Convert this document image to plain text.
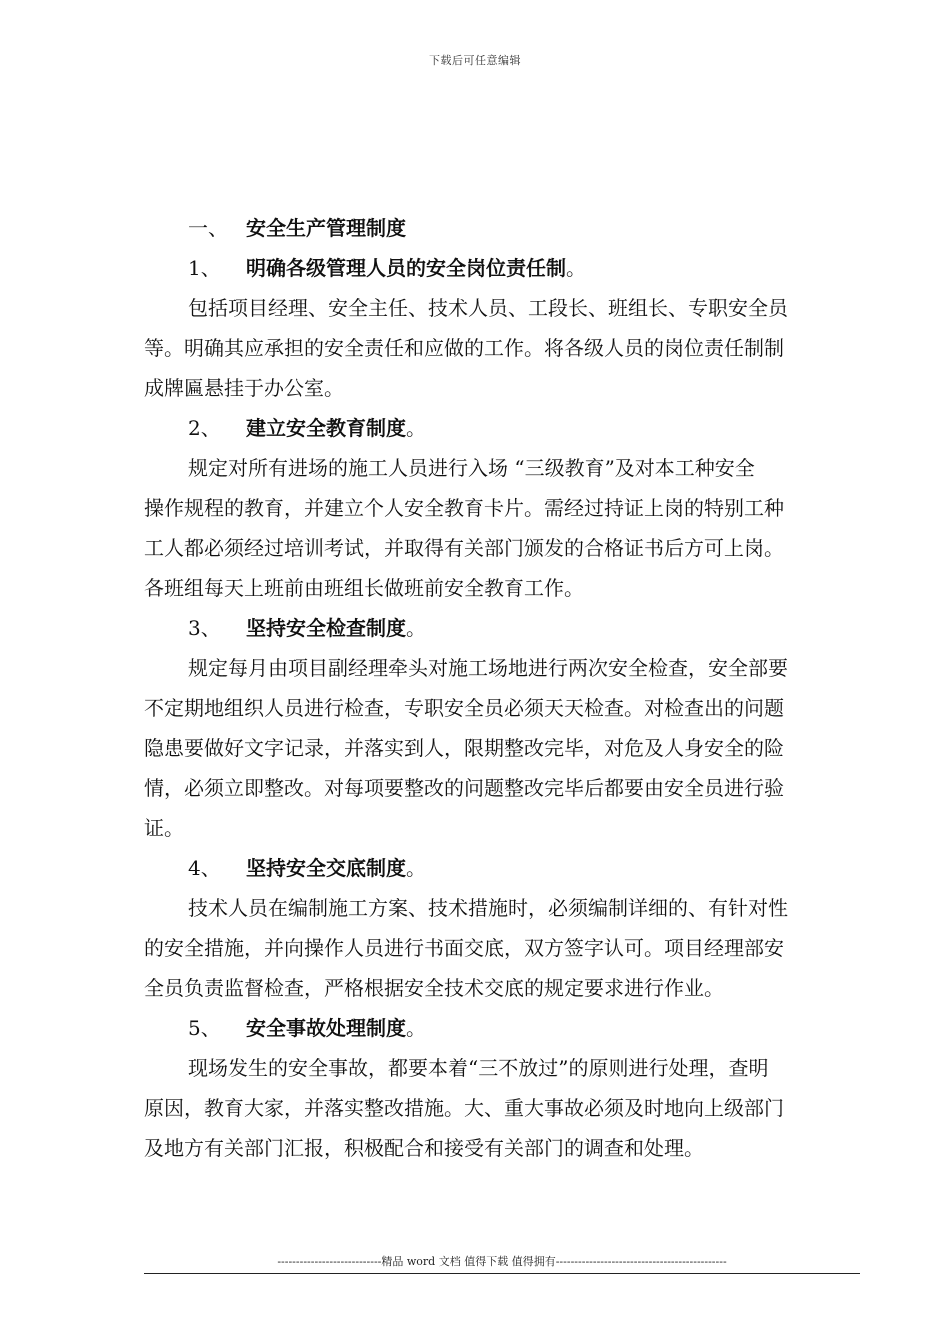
下载后可任意编辑
一、 安全生产管理制度
1、 明确各级管理人员的安全岗位责任制。
包括项目经理、安全主任、技术人员、工段长、班组长、专职安全员
等。明确其应承担的安全责任和应做的工作。将各级人员的岗位责任制制
成牌匾悬挂于办公室。
2、 建立安全教育制度。
规定对所有进场的施工人员进行入场 “三级教育”及对本工种安全
操作规程的教育，并建立个人安全教育卡片。需经过持证上岗的特别工种
工人都必须经过培训考试，并取得有关部门颁发的合格证书后方可上岗。
各班组每天上班前由班组长做班前安全教育工作。
3、 坚持安全检查制度。
规定每月由项目副经理牵头对施工场地进行两次安全检查，安全部要
不定期地组织人员进行检查，专职安全员必须天天检查。对检查出的问题
隐患要做好文字记录，并落实到人，限期整改完毕，对危及人身安全的险
情，必须立即整改。对每项要整改的问题整改完毕后都要由安全员进行验
证。
4、 坚持安全交底制度。
技术人员在编制施工方案、技术措施时，必须编制详细的、有针对性
的安全措施，并向操作人员进行书面交底，双方签字认可。项目经理部安
全员负责监督检查，严格根据安全技术交底的规定要求进行作业。
5、 安全事故处理制度。
现场发生的安全事故，都要本着“三不放过”的原则进行处理，查明
原因，教育大家，并落实整改措施。大、重大事故必须及时地向上级部门
及地方有关部门汇报，积极配合和接受有关部门的调查和处理。
----------------------------精品 word 文档 值得下载 值得拥有----------------------------------------------
